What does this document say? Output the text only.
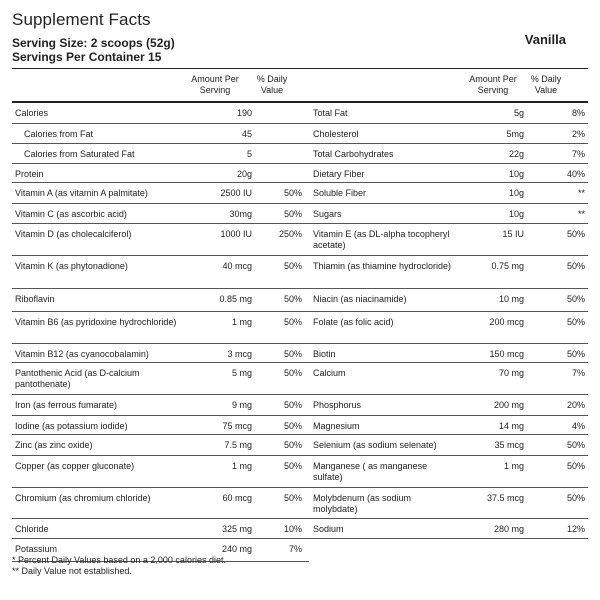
Supplement Facts
Serving Size: 2 scoops (52g)
Servings Per Container 15
Vanilla
Amount Per Serving
% Daily Value
Amount Per Serving
% Daily Value
Calories	190			Total Fat	5g	8%
Calories from Fat	45			Cholesterol	5mg	2%
Calories from Saturated Fat	5			Total Carbohydrates	22g	7%
Protein	20g			Dietary Fiber	10g	40%
Vitamin A (as vitamin A palmitate)	2500 IU	50%		Soluble Fiber	10g	**
Vitamin C (as ascorbic acid)	30mg	50%		Sugars	10g	**
Vitamin D (as cholecalciferol)	1000 IU	250%		Vitamin E (as DL-alpha tocopheryl acetate)	15 IU	50%
Vitamin K (as phytonadione)	40 mcg	50%		Thiamin (as thiamine hydrocloride)	0.75 mg	50%
Riboflavin	0.85 mg	50%		Niacin (as niacinamide)	10 mg	50%
Vitamin B6 (as pyridoxine hydrochloride)	1 mg	50%		Folate (as folic acid)	200 mcg	50%
Vitamin B12 (as cyanocobalamin)	3 mcg	50%		Biotin	150 mcg	50%
Pantothenic Acid (as D-calcium pantothenate)	5 mg	50%		Calcium	70 mg	7%
Iron (as ferrous fumarate)	9 mg	50%		Phosphorus	200 mg	20%
Iodine (as potassium iodide)	75 mcg	50%		Magnesium	14 mg	4%
Zinc (as zinc oxide)	7.5 mg	50%		Selenium (as sodium selenate)	35 mcg	50%
Copper (as copper gluconate)	1 mg	50%		Manganese ( as manganese sulfate)	1 mg	50%
Chromium (as chromium chloride)	60 mcg	50%		Molybdenum (as sodium molybdate)	37.5 mcg	50%
Chloride	325 mg	10%		Sodium	280 mg	12%
Potassium	240 mg	7%				
* Percent Daily Values based on a 2,000 calories diet.
** Daily Value not established.
